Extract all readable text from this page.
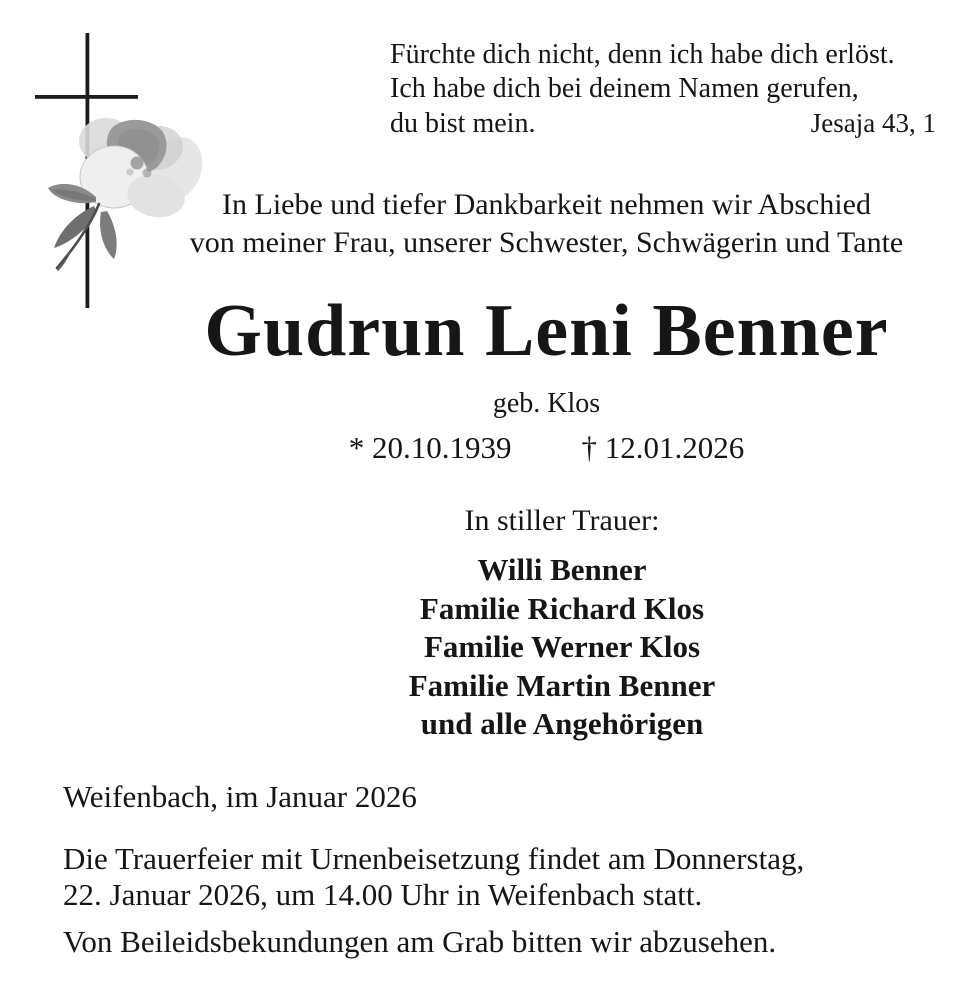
Fürchte dich nicht, denn ich habe dich erlöst.
Ich habe dich bei deinem Namen gerufen,
du bist mein.	Jesaja 43, 1
In Liebe und tiefer Dankbarkeit nehmen wir Abschied
von meiner Frau, unserer Schwester, Schwägerin und Tante
Gudrun Leni Benner
geb. Klos
* 20.10.1939 † 12.01.2026
In stiller Trauer:
Willi Benner
Familie Richard Klos
Familie Werner Klos
Familie Martin Benner
und alle Angehörigen
Weifenbach, im Januar 2026
Die Trauerfeier mit Urnenbeisetzung findet am Donnerstag,
22. Januar 2026, um 14.00 Uhr in Weifenbach statt.
Von Beileidsbekundungen am Grab bitten wir abzusehen.
